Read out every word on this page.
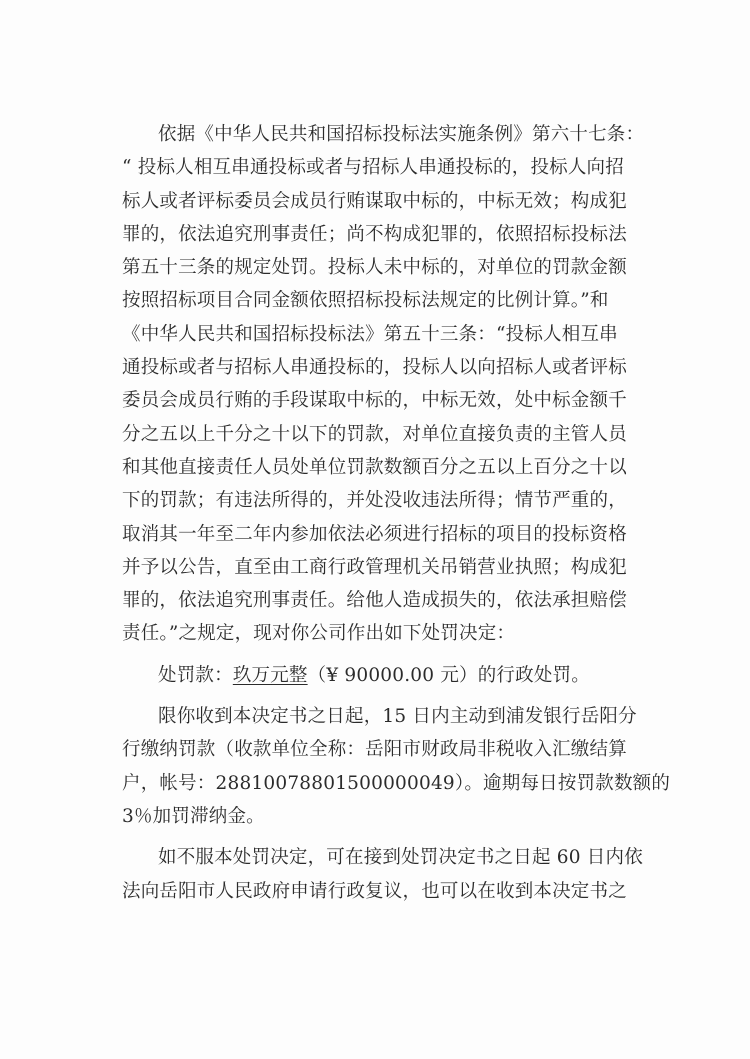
依据《中华人民共和国招标投标法实施条例》第六十七条：
“ 投标人相互串通投标或者与招标人串通投标的，投标人向招
标人或者评标委员会成员行贿谋取中标的，中标无效；构成犯
罪的，依法追究刑事责任；尚不构成犯罪的，依照招标投标法
第五十三条的规定处罚。投标人未中标的，对单位的罚款金额
按照招标项目合同金额依照招标投标法规定的比例计算。”和
《中华人民共和国招标投标法》第五十三条：“投标人相互串
通投标或者与招标人串通投标的，投标人以向招标人或者评标
委员会成员行贿的手段谋取中标的，中标无效，处中标金额千
分之五以上千分之十以下的罚款，对单位直接负责的主管人员
和其他直接责任人员处单位罚款数额百分之五以上百分之十以
下的罚款；有违法所得的，并处没收违法所得；情节严重的，
取消其一年至二年内参加依法必须进行招标的项目的投标资格
并予以公告，直至由工商行政管理机关吊销营业执照；构成犯
罪的，依法追究刑事责任。给他人造成损失的，依法承担赔偿
责任。”之规定，现对你公司作出如下处罚决定：
处罚款：玖万元整（¥ 90000.00 元）的行政处罚。
限你收到本决定书之日起，15 日内主动到浦发银行岳阳分
行缴纳罚款（收款单位全称：岳阳市财政局非税收入汇缴结算
户，帐号：28810078801500000049）。逾期每日按罚款数额的
3％加罚滞纳金。
如不服本处罚决定，可在接到处罚决定书之日起 60 日内依
法向岳阳市人民政府申请行政复议，也可以在收到本决定书之
